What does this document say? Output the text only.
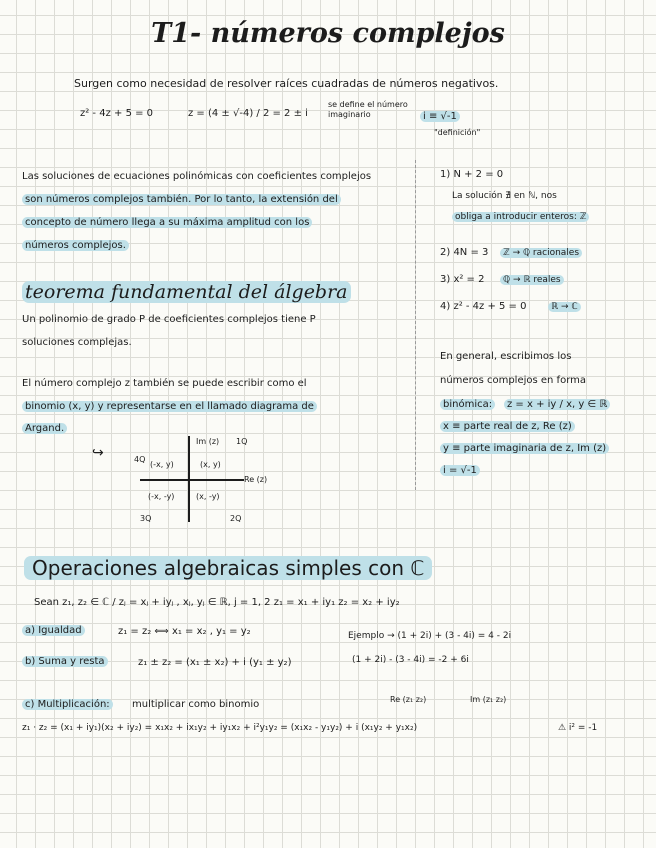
T1- números complejos
Surgen como necesidad de resolver raíces cuadradas de números negativos.
z² - 4z + 5 = 0	z = (4 ± √-4) / 2 = 2 ± i
se define el número imaginario	i ≡ √-1
"definición"
Las soluciones de ecuaciones polinómicas con coeficientes complejos
son números complejos también. Por lo tanto, la extensión del
concepto de número llega a su máxima amplitud con los
números complejos.
teorema fundamental del álgebra
Un polinomio de grado P de coeficientes complejos tiene P
soluciones complejas.
El número complejo z también se puede escribir como el
binomio (x, y) y representarse en el llamado diagrama de
Argand.
↪
Im (z) 1Q
4Q
(-x, y)	(x, y)
Re (z)
(-x, -y)	(x, -y)
3Q	2Q
1) N + 2 = 0
La solución ∄ en ℕ, nos
obliga a introducir enteros: ℤ
2) 4N = 3	ℤ → ℚ racionales
3) x² = 2	ℚ → ℝ reales
4) z² - 4z + 5 = 0	ℝ → ℂ
En general, escribimos los
números complejos en forma
binómica:	z = x + iy / x, y ∈ ℝ
x ≡ parte real de z, Re (z)
y ≡ parte imaginaria de z, Im (z)
i = √-1
Operaciones algebraicas simples con ℂ
Sean z₁, z₂ ∈ ℂ / zⱼ = xⱼ + iyⱼ , xⱼ, yⱼ ∈ ℝ, j = 1, 2 z₁ = x₁ + iy₁ z₂ = x₂ + iy₂
a) Igualdad	z₁ = z₂ ⟺ x₁ = x₂ , y₁ = y₂	Ejemplo → (1 + 2i) + (3 - 4i) = 4 - 2i
b) Suma y resta	z₁ ± z₂ = (x₁ ± x₂) + i (y₁ ± y₂)	(1 + 2i) - (3 - 4i) = -2 + 6i
c) Multiplicación:	multiplicar como binomio	Re (z₁ z₂)	Im (z₁ z₂)
z₁ · z₂ = (x₁ + iy₁)(x₂ + iy₂) = x₁x₂ + ix₁y₂ + iy₁x₂ + i²y₁y₂ = (x₁x₂ - y₁y₂) + i (x₁y₂ + y₁x₂)	⚠ i² = -1
